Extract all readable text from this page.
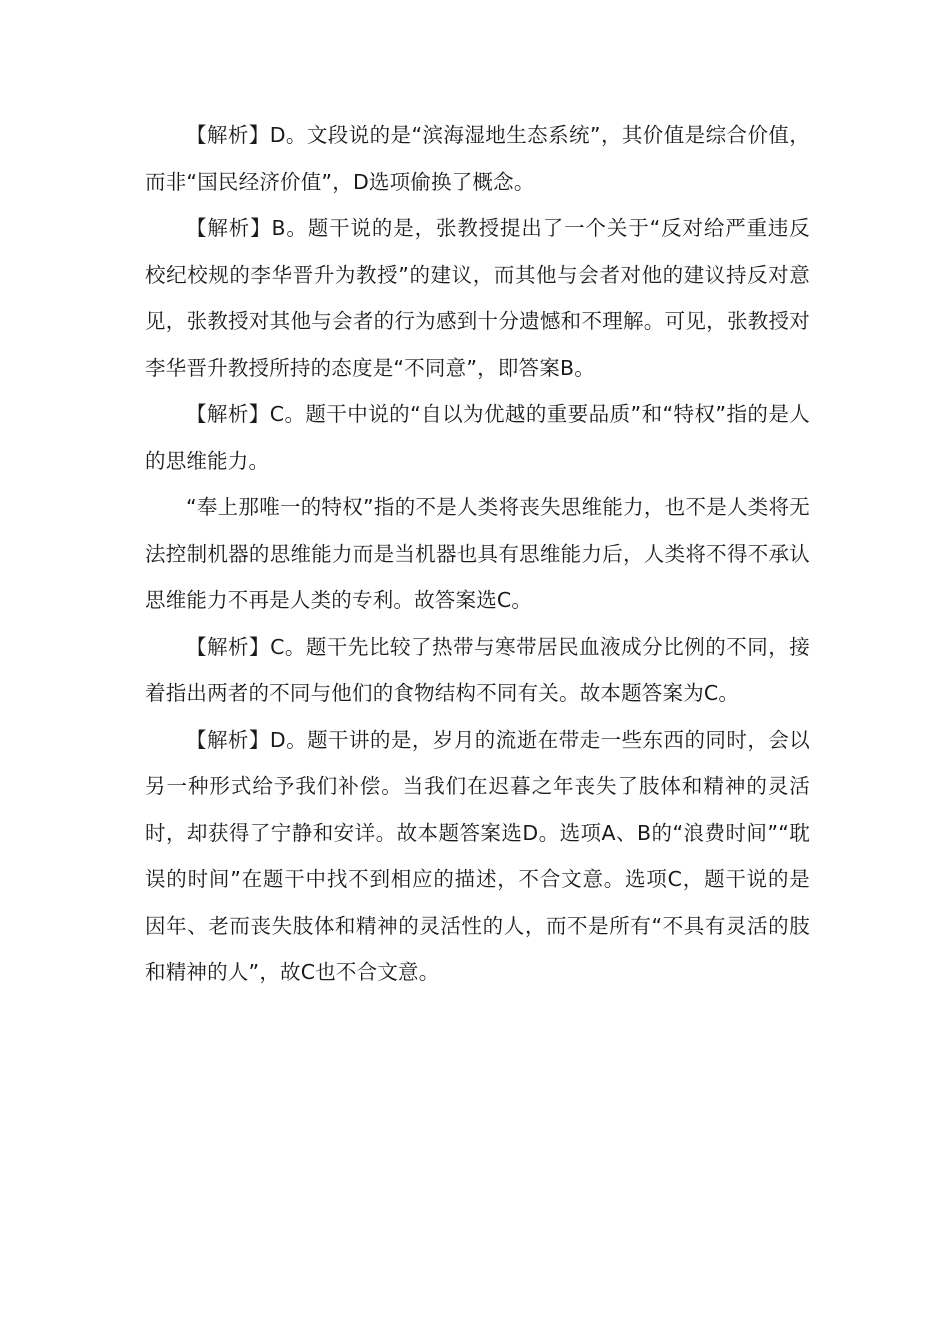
【解析】D。文段说的是“滨海湿地生态系统”，其价值是综合价值，而非“国民经济价值”，D选项偷换了概念。

【解析】B。题干说的是，张教授提出了一个关于“反对给严重违反校纪校规的李华晋升为教授”的建议，而其他与会者对他的建议持反对意见，张教授对其他与会者的行为感到十分遗憾和不理解。可见，张教授对李华晋升教授所持的态度是“不同意”，即答案B。

【解析】C。题干中说的“自以为优越的重要品质”和“特权”指的是人的思维能力。

“奉上那唯一的特权”指的不是人类将丧失思维能力，也不是人类将无法控制机器的思维能力而是当机器也具有思维能力后，人类将不得不承认思维能力不再是人类的专利。故答案选C。

【解析】C。题干先比较了热带与寒带居民血液成分比例的不同，接着指出两者的不同与他们的食物结构不同有关。故本题答案为C。

【解析】D。题干讲的是，岁月的流逝在带走一些东西的同时，会以另一种形式给予我们补偿。当我们在迟暮之年丧失了肢体和精神的灵活时，却获得了宁静和安详。故本题答案选D。选项A、B的“浪费时间”“耽误的时间”在题干中找不到相应的描述，不合文意。选项C，题干说的是因年、老而丧失肢体和精神的灵活性的人，而不是所有“不具有灵活的肢和精神的人”，故C也不合文意。
